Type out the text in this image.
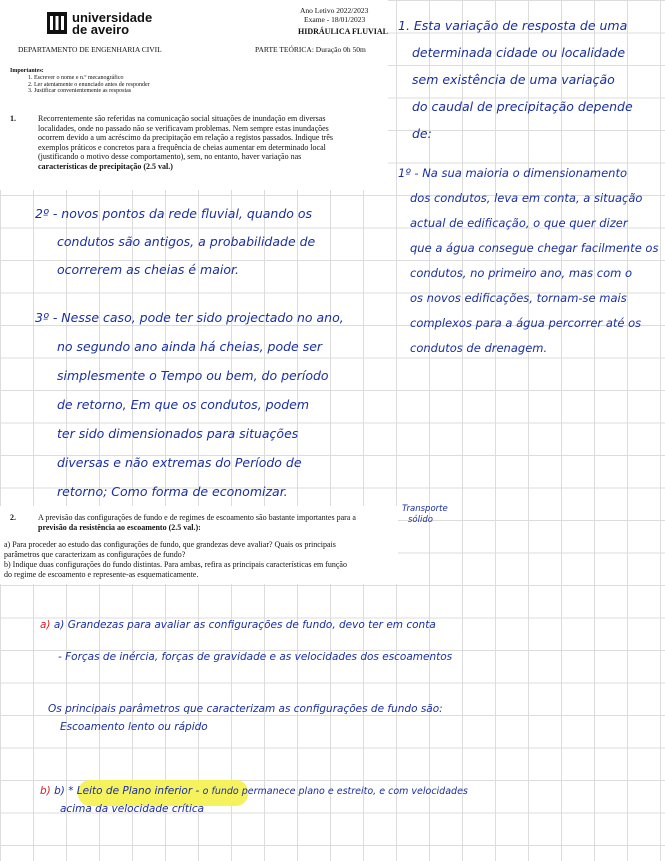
universidade
de aveiro
Ano Letivo 2022/2023
Exame - 18/01/2023
HIDRÁULICA FLUVIAL
DEPARTAMENTO DE ENGENHARIA CIVIL	PARTE TEÓRICA: Duração 0h 50m
Importantes:
1. Escrever o nome e n.º mecanográfico
2. Ler atentamente o enunciado antes de responder
3. Justificar convenientemente as respostas
1.	Recorrentemente são referidas na comunicação social situações de inundação em diversas
localidades, onde no passado não se verificavam problemas. Nem sempre estas inundações
ocorrem devido a um acréscimo da precipitação em relação a registos passados. Indique três
exemplos práticos e concretos para a frequência de cheias aumentar em determinado local
(justificando o motivo desse comportamento), sem, no entanto, haver variação nas
características de precipitação (2.5 val.)
1. Esta variação de resposta de uma
determinada cidade ou localidade
sem existência de uma variação
do caudal de precipitação depende
de:
1º - Na sua maioria o dimensionamento
dos condutos, leva em conta, a situação
actual de edificação, o que quer dizer
que a água consegue chegar facilmente os
condutos, no primeiro ano, mas com o
os novos edificações, tornam-se mais
complexos para a água percorrer até os
condutos de drenagem.
2º - novos pontos da rede fluvial, quando os
condutos são antigos, a probabilidade de
ocorrerem as cheias é maior.
3º - Nesse caso, pode ter sido projectado no ano,
no segundo ano ainda há cheias, pode ser
simplesmente o Tempo ou bem, do período
de retorno, Em que os condutos, podem
ter sido dimensionados para situações
diversas e não extremas do Período de
retorno; Como forma de economizar.
2.	A previsão das configurações de fundo e de regimes de escoamento são bastante importantes para a
previsão da resistência ao escoamento (2.5 val.):
a) Para proceder ao estudo das configurações de fundo, que grandezas deve avaliar? Quais os principais
parâmetros que caracterizam as configurações de fundo?
b) Indique duas configurações do fundo distintas. Para ambas, refira as principais características em função
do regime de escoamento e represente-as esquematicamente.
Transporte
sólido
a) a) Grandezas para avaliar as configurações de fundo, devo ter em conta
- Forças de inércia, forças de gravidade e as velocidades dos escoamentos
Os principais parâmetros que caracterizam as configurações de fundo são:
Escoamento lento ou rápido
b) b) * Leito de Plano inferior - o fundo permanece plano e estreito, e com velocidades
acima da velocidade crítica
